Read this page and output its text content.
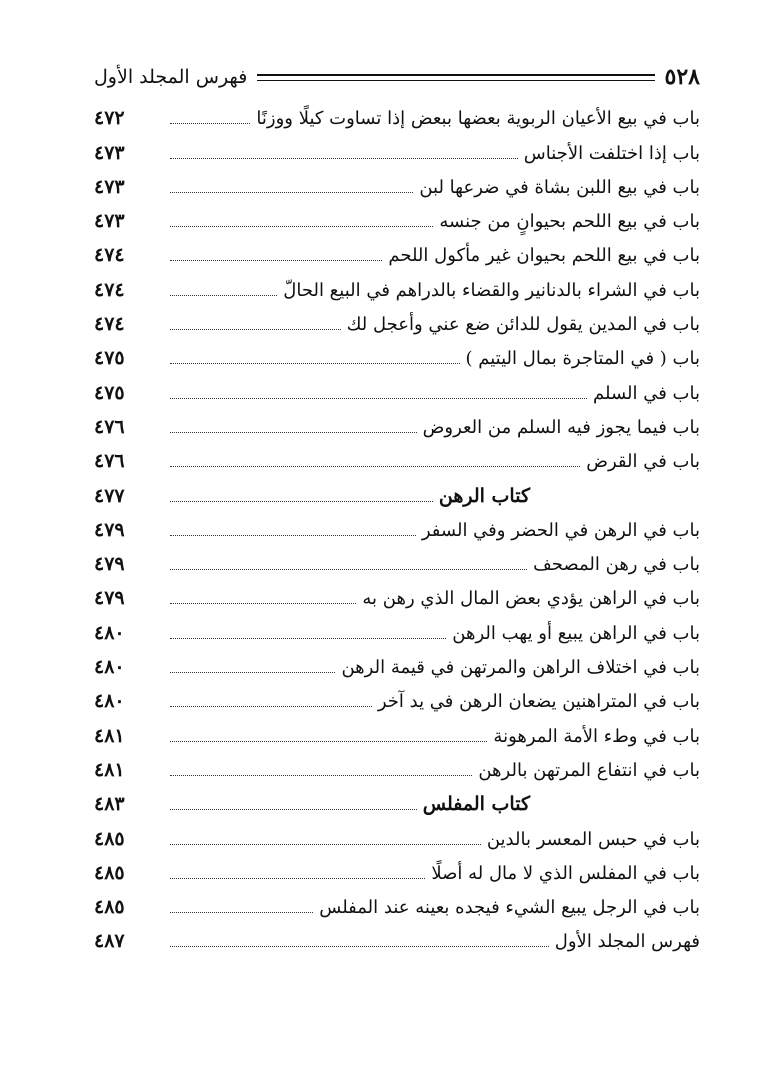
٥٢٨
فهرس المجلد الأول
باب في بيع الأعيان الربوية بعضها ببعض إذا تساوت كيلًا ووزنًا
٤٧٢
باب إذا اختلفت الأجناس
٤٧٣
باب في بيع اللبن بشاة في ضرعها لبن
٤٧٣
باب في بيع اللحم بحيوانٍ من جنسه
٤٧٣
باب في بيع اللحم بحيوان غير مأكول اللحم
٤٧٤
باب في الشراء بالدنانير والقضاء بالدراهم في البيع الحالّ
٤٧٤
باب في المدين يقول للدائن ضع عني وأعجل لك
٤٧٤
باب ( في المتاجرة بمال اليتيم )
٤٧٥
باب في السلم
٤٧٥
باب فيما يجوز فيه السلم من العروض
٤٧٦
باب في القرض
٤٧٦
كتاب الرهن
٤٧٧
باب في الرهن في الحضر وفي السفر
٤٧٩
باب في رهن المصحف
٤٧٩
باب في الراهن يؤدي بعض المال الذي رهن به
٤٧٩
باب في الراهن يبيع أو يهب الرهن
٤٨٠
باب في اختلاف الراهن والمرتهن في قيمة الرهن
٤٨٠
باب في المتراهنين يضعان الرهن في يد آخر
٤٨٠
باب في وطء الأمة المرهونة
٤٨١
باب في انتفاع المرتهن بالرهن
٤٨١
كتاب المفلس
٤٨٣
باب في حبس المعسر بالدين
٤٨٥
باب في المفلس الذي لا مال له أصلًا
٤٨٥
باب في الرجل يبيع الشيء فيجده بعينه عند المفلس
٤٨٥
فهرس المجلد الأول
٤٨٧
